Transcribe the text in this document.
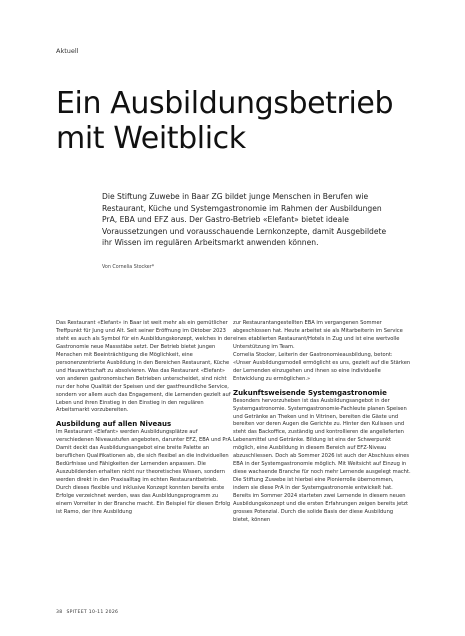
Aktuell
Ein Ausbildungsbetrieb
mit Weitblick
Die Stiftung Zuwebe in Baar ZG bildet junge Menschen in Berufen wie Restaurant, Küche und Systemgastronomie im Rahmen der Ausbildungen PrA, EBA und EFZ aus. Der Gastro-Betrieb «Elefant» bietet ideale Voraussetzungen und vorausschauende Lernkonzepte, damit Ausgebildete ihr Wissen im regulären Arbeitsmarkt anwenden können.
Von Cornelia Stocker*

Das Restaurant «Elefant» in Baar ist weit mehr als ein gemütlicher Treffpunkt für Jung und Alt. Seit seiner Eröffnung im Oktober 2023 steht es auch als Symbol für ein Ausbildungskonzept, welches in der Gastronomie neue Massstäbe setzt. Der Betrieb bietet jungen Menschen mit Beeinträchtigung die Möglichkeit, eine personenzentrierte Ausbildung in den Bereichen Restaurant, Küche und Hauswirtschaft zu absolvieren. Was das Restaurant «Elefant» von anderen gastronomischen Betrieben unterscheidet, sind nicht nur der hohe Qualität der Speisen und der gastfreundliche Service, sondern vor allem auch das Engagement, die Lernenden gezielt auf Leben und ihren Einstieg in den Einstieg in den regulären Arbeitsmarkt vorzubereiten.

Ausbildung auf allen Niveaus

Im Restaurant «Elefant» werden Ausbildungsplätze auf verschiedenen Niveaustufen angeboten, darunter EFZ, EBA und PrA. Damit deckt das Ausbildungsangebot eine breite Palette an beruflichen Qualifikationen ab, die sich flexibel an die individuellen Bedürfnisse und Fähigkeiten der Lernenden anpassen. Die Auszubildenden erhalten nicht nur theoretisches Wissen, sondern werden direkt in den Praxisalltag im echten Restaurantbetrieb.

Durch dieses flexible und inklusive Konzept konnten bereits erste Erfolge verzeichnet werden, was das Ausbildungsprogramm zu einem Vorreiter in der Branche macht. Ein Beispiel für diesen Erfolg ist Ramo, der ihre Ausbildung

zur Restaurantangestellten EBA im vergangenen Sommer abgeschlossen hat. Heute arbeitet sie als Mitarbeiterin im Service eines etablierten Restaurant/Hotels in Zug und ist eine wertvolle Unterstützung im Team.

Cornelia Stocker, Leiterin der Gastronomieausbildung, betont: «Unser Ausbildungsmodell ermöglicht es uns, gezielt auf die Stärken der Lernenden einzugehen und ihnen so eine individuelle Entwicklung zu ermöglichen.»

Zukunftsweisende Systemgastronomie

Besonders hervorzuheben ist das Ausbildungsangebot in der Systemgastronomie. Systemgastronomie-Fachleute planen Speisen und Getränke an Theken und in Vitrinen, bereiten die Gäste und bereiten vor deren Augen die Gerichte zu. Hinter den Kulissen und steht das Backoffice, zuständig und kontrollieren die angelieferten Lebensmittel und Getränke. Bildung ist eins der Schwerpunkt möglich, eine Ausbildung in diesem Bereich auf EFZ-Niveau abzuschliessen. Doch ab Sommer 2026 ist auch der Abschluss eines EBA in der Systemgastronomie möglich. Mit Weitsicht auf Einzug in diese wachsende Branche für noch mehr Lernende ausgelegt macht.

Die Stiftung Zuwebe ist hierbei eine Pionierrolle übernommen, indem sie diese PrA in der Systemgastronomie entwickelt hat. Bereits im Sommer 2024 starteten zwei Lernende in diesem neuen Ausbildungskonzept und die ersten Erfahrungen zeigen bereits jetzt grosses Potenzial. Durch die solide Basis der diese Ausbildung bietet, können

38 SPITEET 10-11 2026
